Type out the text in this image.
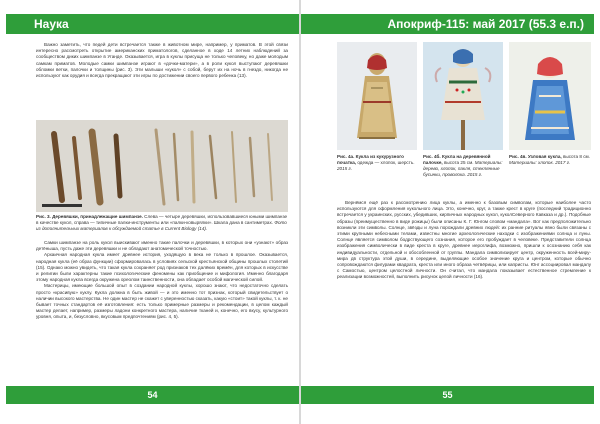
Наука

Важно заметить, что педей дети встречается также в животном мире, например, у приматов. В этой связи интересно рассмотреть открытие американских приматологов, сделанное в ходе 14 летних наблюдений за сообществом диких шимпанзе в Уганде. Оказывается, игра в куклы присуща не только человеку, но даже молодым самкам приматов. Молодые самки шимпанзе играют в «дочки-матери», а в роли кукол выступают деревяшки обломки ветки, палочки и толщины (рис. 3). Эти малыши «кукол» с собой, берут их на ночь в гнездо, никогда не используют как орудия и всегда прекращают эти игры по достижении своего первого ребенка (13).

Рис. 3. Деревяшки, принадлежащие шимпанзе. Слева — четыре деревяшки, использовавшиеся юными шимпанзе в качестве кукол, справа — типичные палки-инструменты или «палки-ковырялки». Шкала дана в сантиметрах. Фото из дополнительных материалов к обсуждаемой статье в Current Biology (14).

Самки шимпанзе на роль кукол выискивают именно такие палочки и деревяшки, в которых они «узнают» образ детёныша, пусть даже эти деревяшки и не обладают анатомической точностью.

Архаичная народная кукла имеет древнее история, уходящую в века не только в прошлое. Оказывается, народная кукла (её образ функции) сформировалась в условиях сельской крестьянской общины прошлых столетий (15). Однако можно увидеть, что такая кукла сохраняет род признаков тех далёких времён, для которых в искусстве и религии были характерны такие психологические феномены как приобщение и мифология. Именно благодаря этому народная кукла всегда окружена ореолом таинственности, она обладает особой магической силой.

Мастерицы, имеющие большой опыт в создании народной куклы, хорошо знают, что недостаточно сделать просто «красивую» куклу. Кукла должна в быть живой — и это именно тот признак, который свидетельствует о наличии высокого мастерства. Не один мастер не скажет с уверенностью сказать, какую «стоит» такой куклы, т. к. не бывает точных стандартов её изготовления: есть только примерные размеры и рекомендации, в целом каждый мастер делает, например, размеры ладони конкретного мастера, наличие тканей и, конечно, его вкусу, культурного уровня, опыта, и, безусловно, вкусовым предпочтениям (рис. 4, 5).

54
Апокриф-115: май 2017 (55.3 е.п.)
Рис. 4а. Кукла из кукурузного початка, одежда — хлопок, шерсть. 2015 г.
Рис. 4б. Кукла на деревянной палочке, высота 25 см. Материалы: дерево, хлопок, пакля, стеклянные бусинки, проволока. 2015 г.
Рис. 4в. Узловая кукла, высота 8 см. Материалы: хлопок. 2017 г.

Вернёмся ещё раз к рассмотрению лица куклы, а именно к базовым символам, которые наиболее часто используются для оформления кукольного лица. Это, конечно, круг, а также крест в круге (последний традиционно встречается у украинских, русских, убедивших, кирпичных народных кукол, куколСеверного Кавказа и др.). Подобные образы (преимущественно в виде рожицы) были описаны К. Г. Юнгом словом «мандала». Вот как предположительно возникли эти символы. Солнце, звёзды и луна порождали древних людей: их ранние ритуалы явно были связаны с этими крупными небесными телами, известны многие археологические находки с изображениями солнца и луны. Солнце является символом бодрствующего сознания, которое его пробуждает в человеке. Представители солнца изображения символически в виде креста в круге, древнее иероглифа, возможно, пришли к осознанию себя как индивидуальности, отдельной и обособленной от группы. Мандала символизирует центр, окруженность всей-миру-мира дв структура этой души, в середине, выделяющие особое значение круга и центром, которые обычно сопровождаются фигурами квадрата, креста или иного образа четвёрицы, или капристы. Юнг ассоциировал мандалу с Самостью, центром целостной личности. Он считал, что мандала показывает естественное стремление к реализации возможностей, выполнить рисунок целой личности (16).

55
